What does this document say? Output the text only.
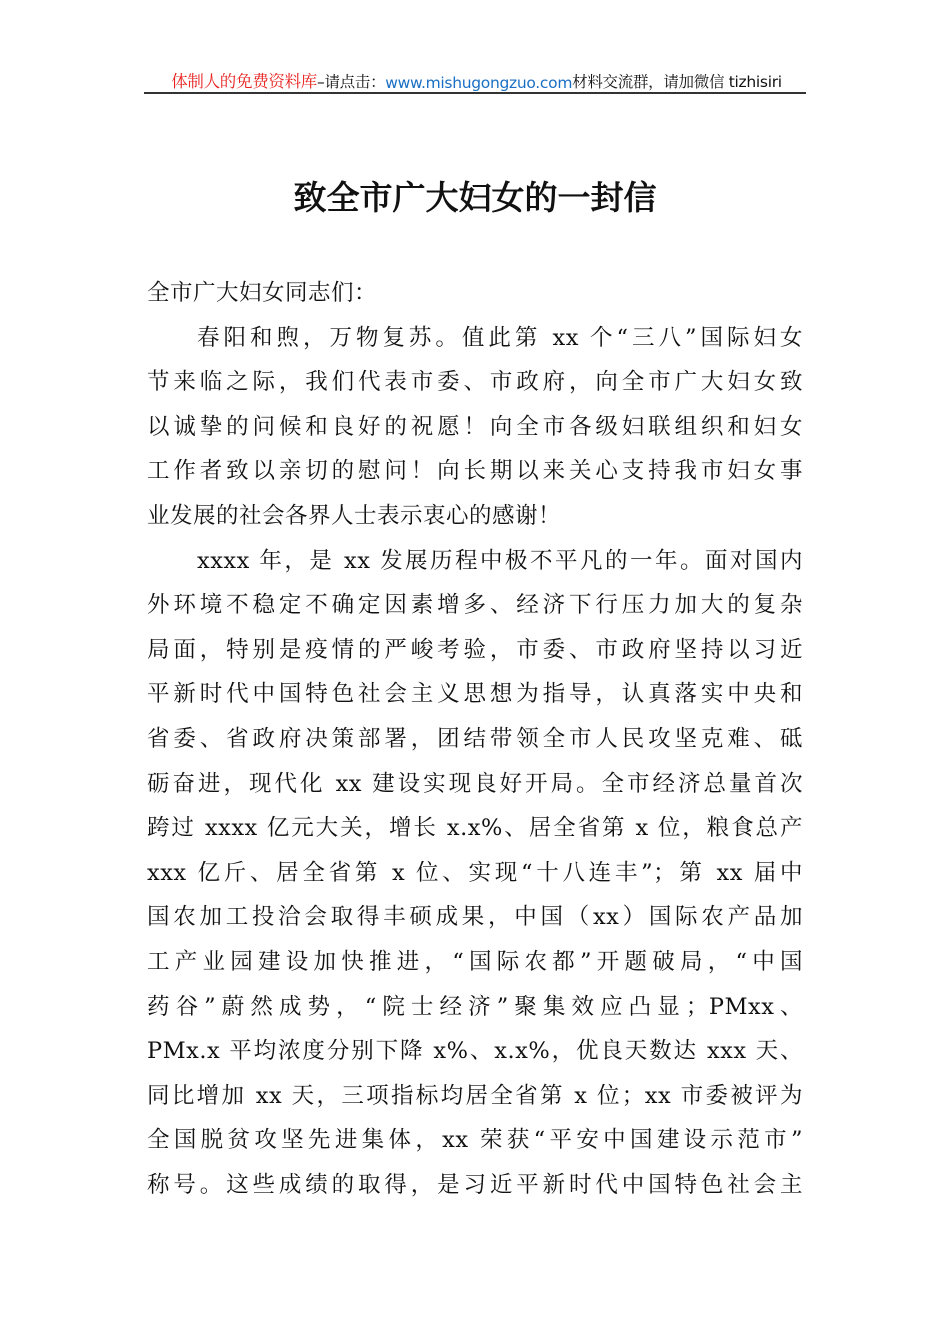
体制人的免费资料库 –请点击： www.mishugongzuo.com 材料交流群，请加微信 tizhisiri
致全市广大妇女的一封信
全市广大妇女同志们：
春阳和煦，万物复苏。值此第 xx 个“三八”国际妇女
节来临之际，我们代表市委、市政府，向全市广大妇女致
以诚挚的问候和良好的祝愿！向全市各级妇联组织和妇女
工作者致以亲切的慰问！向长期以来关心支持我市妇女事
业发展的社会各界人士表示衷心的感谢！
xxxx 年，是 xx 发展历程中极不平凡的一年。面对国内
外环境不稳定不确定因素增多、经济下行压力加大的复杂
局面，特别是疫情的严峻考验，市委、市政府坚持以习近
平新时代中国特色社会主义思想为指导，认真落实中央和
省委、省政府决策部署，团结带领全市人民攻坚克难、砥
砺奋进，现代化 xx 建设实现良好开局。全市经济总量首次
跨过 xxxx 亿元大关，增长 x.x%、居全省第 x 位，粮食总产
xxx 亿斤、居全省第 x 位、实现“十八连丰”；第 xx 届中
国农加工投洽会取得丰硕成果，中国（xx）国际农产品加
工产业园建设加快推进，“国际农都”开题破局，“中国
药谷”蔚然成势，“院士经济”聚集效应凸显；PMxx、
PMx.x 平均浓度分别下降 x%、x.x%，优良天数达 xxx 天、
同比增加 xx 天，三项指标均居全省第 x 位；xx 市委被评为
全国脱贫攻坚先进集体，xx 荣获“平安中国建设示范市”
称号。这些成绩的取得，是习近平新时代中国特色社会主
